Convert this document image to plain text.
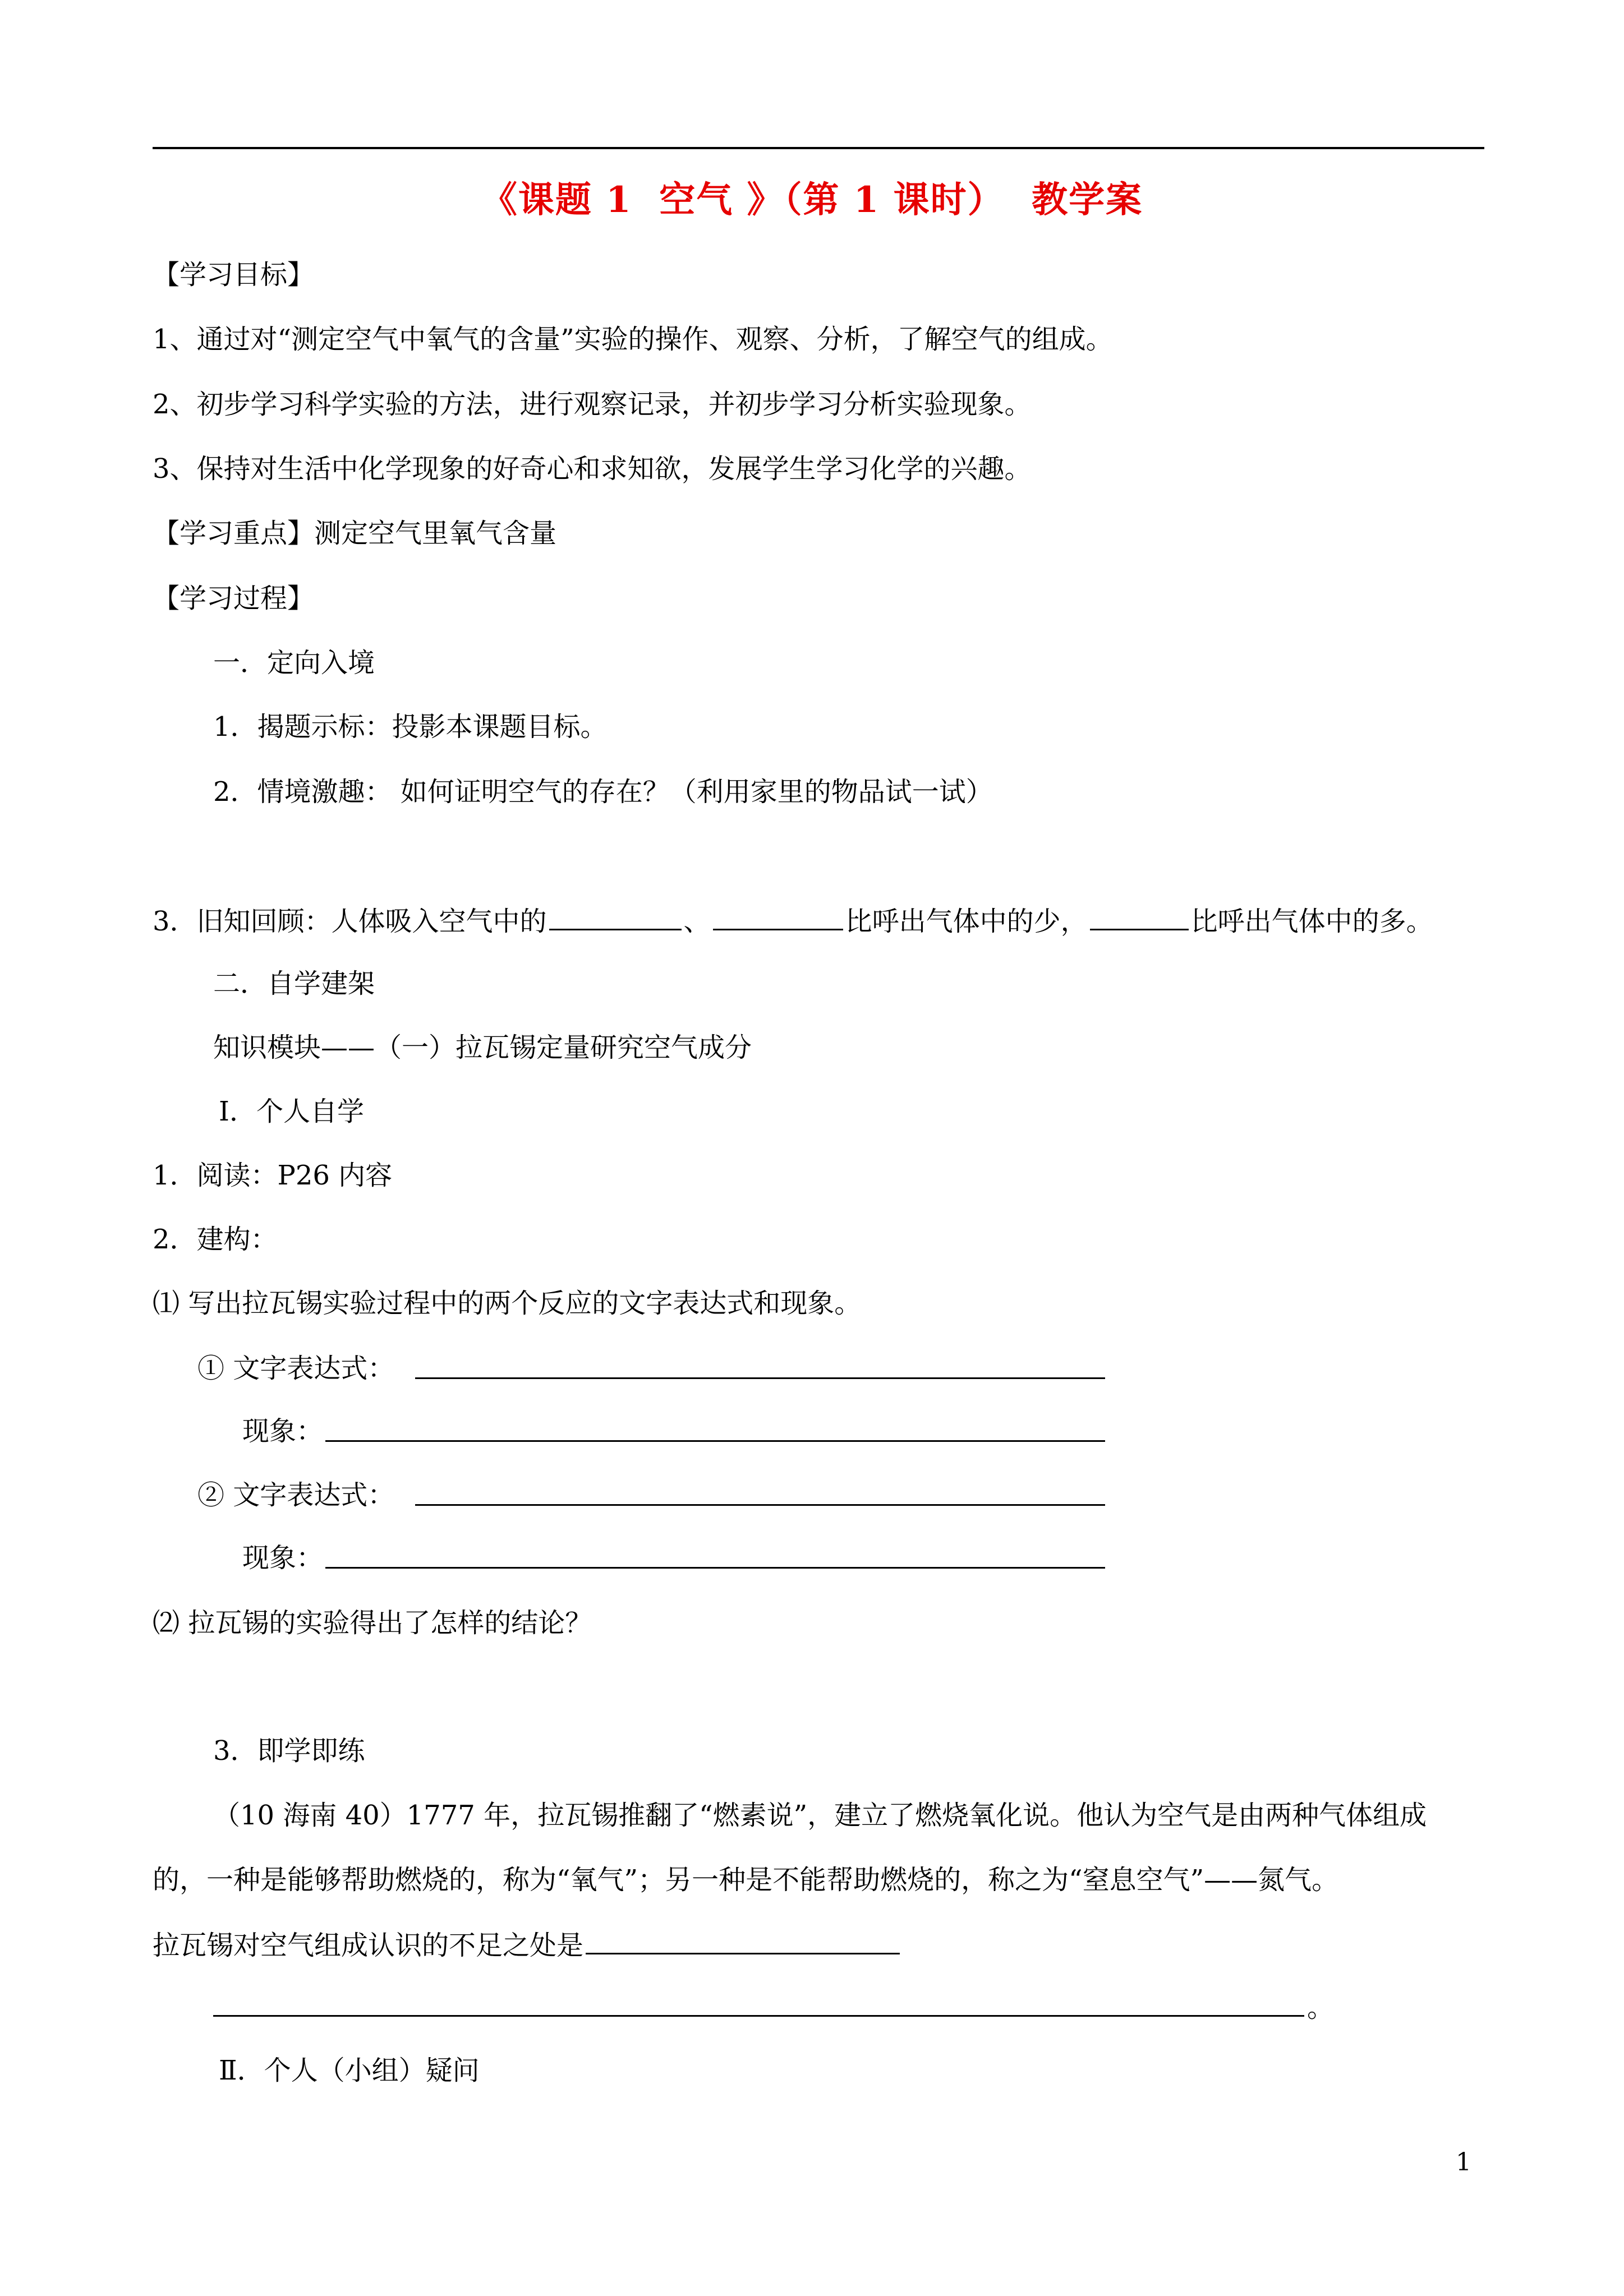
《课题 1  空气 》（第 1 课时）  教学案
【学习目标】
1、通过对“测定空气中氧气的含量”实验的操作、观察、分析，了解空气的组成。
2、初步学习科学实验的方法，进行观察记录，并初步学习分析实验现象。
3、保持对生活中化学现象的好奇心和求知欲，发展学生学习化学的兴趣。
【学习重点】测定空气里氧气含量
【学习过程】
一．定向入境
1．揭题示标：投影本课题目标。
2．情境激趣： 如何证明空气的存在？（利用家里的物品试一试）
3．旧知回顾：人体吸入空气中的	、	比呼出气体中的少，	比呼出气体中的多。
二．自学建架
知识模块——（一）拉瓦锡定量研究空气成分
Ⅰ．个人自学
1．阅读：P26 内容
2．建构：
⑴ 写出拉瓦锡实验过程中的两个反应的文字表达式和现象。
① 文字表达式：
现象：
② 文字表达式：
现象：
⑵ 拉瓦锡的实验得出了怎样的结论？
3．即学即练
（10 海南 40）1777 年，拉瓦锡推翻了“燃素说”，建立了燃烧氧化说。他认为空气是由两种气体组成
的，一种是能够帮助燃烧的，称为“氧气”；另一种是不能帮助燃烧的，称之为“窒息空气”——氮气。
拉瓦锡对空气组成认识的不足之处是
。
Ⅱ．个人（小组）疑问
1
